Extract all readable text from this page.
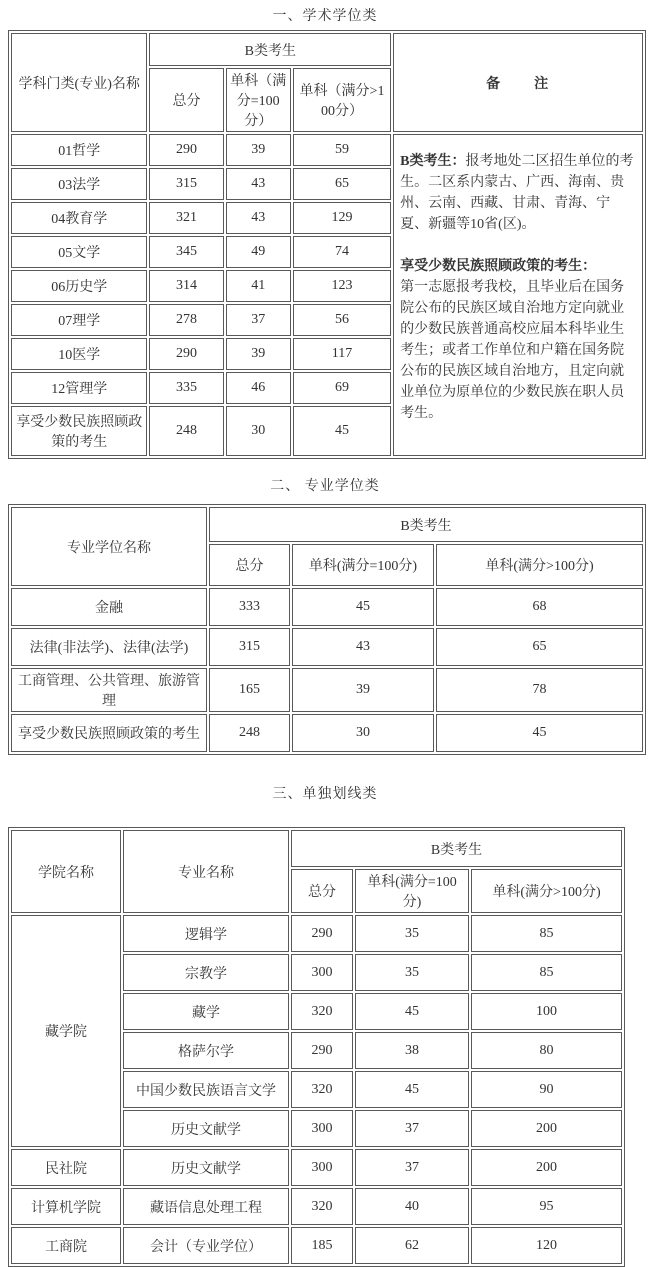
一、学术学位类
学科门类(专业)名称	B类考生			备　　注
	总分	单科（满分=100分）	单科（满分>100分）	
01哲学	290	39	59	B类考生：报考地处二区招生单位的考生。二区系内蒙古、广西、海南、贵州、云南、西藏、甘肃、青海、宁夏、新疆等10省(区)。
享受少数民族照顾政策的考生：
第一志愿报考我校，且毕业后在国务院公布的民族区域自治地方定向就业的少数民族普通高校应届本科毕业生考生；或者工作单位和户籍在国务院公布的民族区域自治地方，且定向就业单位为原单位的少数民族在职人员考生。

03法学	315	43	65	
04教育学	321	43	129	
05文学	345	49	74	
06历史学	314	41	123	
07理学	278	37	56	
10医学	290	39	117	
12管理学	335	46	69	
享受少数民族照顾政策的考生	248	30	45	
二、 专业学位类
专业学位名称	B类考生		
	总分	单科(满分=100分)	单科(满分>100分)
金融	333	45	68
法律(非法学)、法律(法学)	315	43	65
工商管理、公共管理、旅游管理	165	39	78
享受少数民族照顾政策的考生	248	30	45
三、单独划线类
学院名称	专业名称	B类考生		
		总分	单科(满分=100分)	单科(满分>100分)
藏学院	逻辑学	290	35	85
	宗教学	300	35	85
	藏学	320	45	100
	格萨尔学	290	38	80
	中国少数民族语言文学	320	45	90
	历史文献学	300	37	200
民社院	历史文献学	300	37	200
计算机学院	藏语信息处理工程	320	40	95
工商院	会计（专业学位）	185	62	120
